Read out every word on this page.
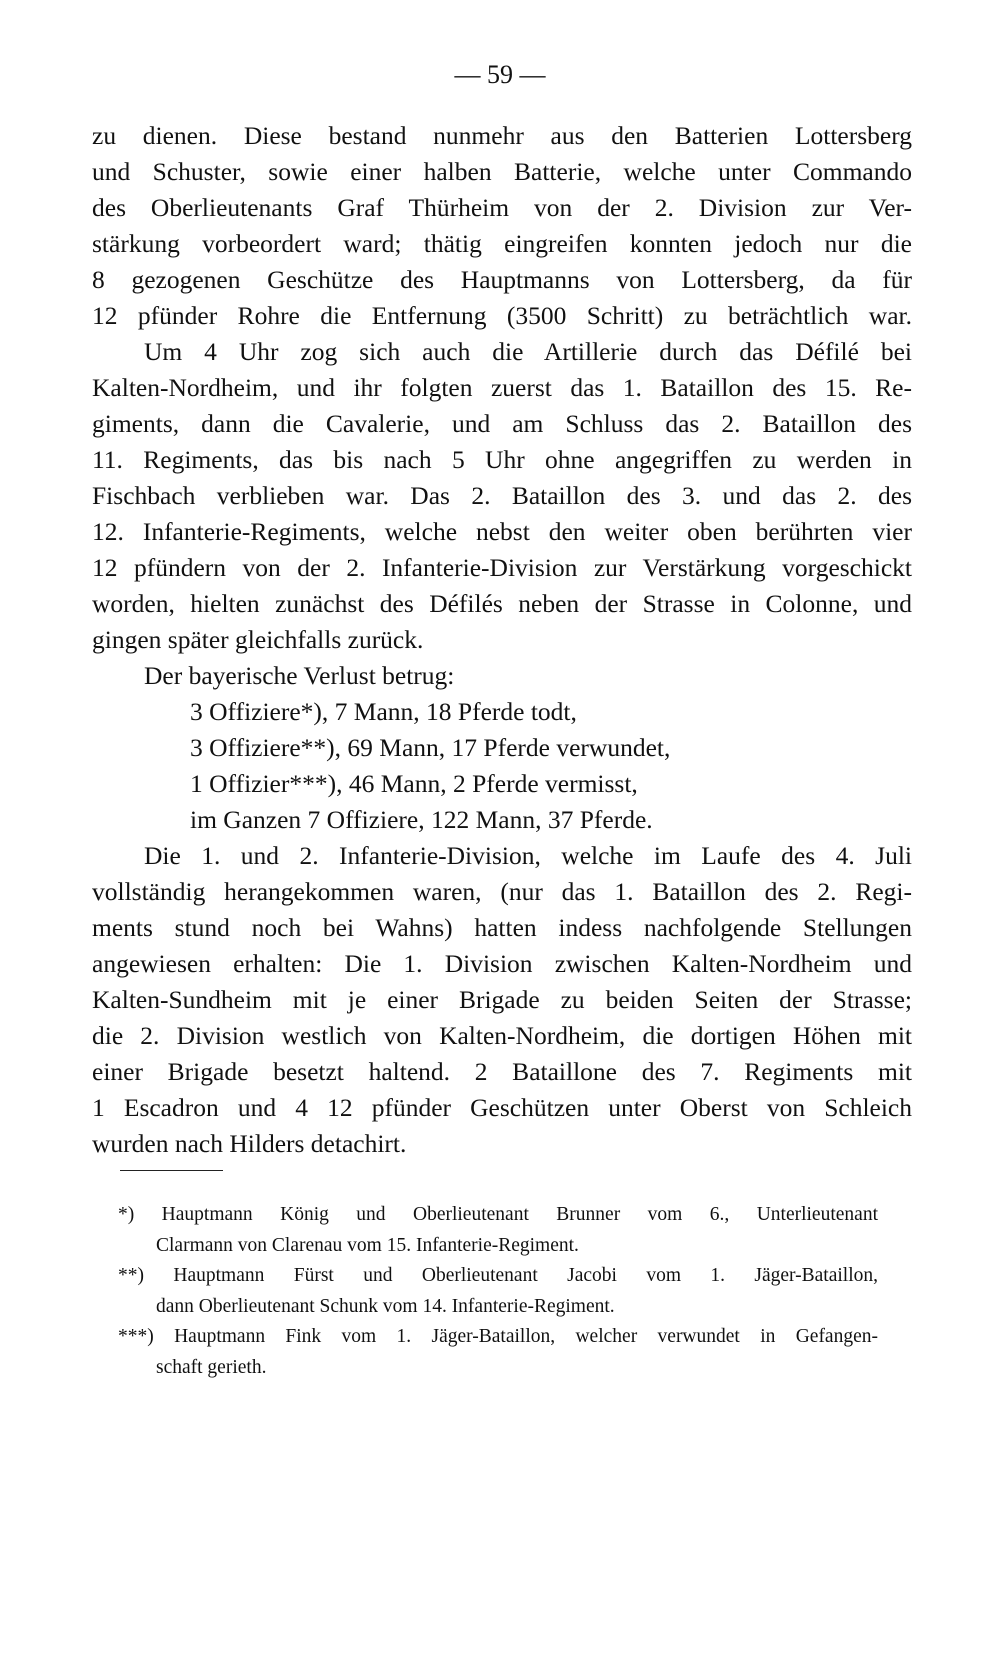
— 59 —
zu dienen. Diese bestand nunmehr aus den Batterien Lottersberg
und Schuster, sowie einer halben Batterie, welche unter Commando
des Oberlieutenants Graf Thürheim von der 2. Division zur Ver-
stärkung vorbeordert ward; thätig eingreifen konnten jedoch nur die
8 gezogenen Geschütze des Hauptmanns von Lottersberg, da für
12 pfünder Rohre die Entfernung (3500 Schritt) zu beträchtlich war.
Um 4 Uhr zog sich auch die Artillerie durch das Défilé bei
Kalten-Nordheim, und ihr folgten zuerst das 1. Bataillon des 15. Re-
giments, dann die Cavalerie, und am Schluss das 2. Bataillon des
11. Regiments, das bis nach 5 Uhr ohne angegriffen zu werden in
Fischbach verblieben war. Das 2. Bataillon des 3. und das 2. des
12. Infanterie-Regiments, welche nebst den weiter oben berührten vier
12 pfündern von der 2. Infanterie-Division zur Verstärkung vorgeschickt
worden, hielten zunächst des Défilés neben der Strasse in Colonne, und
gingen später gleichfalls zurück.
Der bayerische Verlust betrug:
3 Offiziere*), 7 Mann, 18 Pferde todt,
3 Offiziere**), 69 Mann, 17 Pferde verwundet,
1 Offizier***), 46 Mann, 2 Pferde vermisst,
im Ganzen 7 Offiziere, 122 Mann, 37 Pferde.
Die 1. und 2. Infanterie-Division, welche im Laufe des 4. Juli
vollständig herangekommen waren, (nur das 1. Bataillon des 2. Regi-
ments stund noch bei Wahns) hatten indess nachfolgende Stellungen
angewiesen erhalten: Die 1. Division zwischen Kalten-Nordheim und
Kalten-Sundheim mit je einer Brigade zu beiden Seiten der Strasse;
die 2. Division westlich von Kalten-Nordheim, die dortigen Höhen mit
einer Brigade besetzt haltend. 2 Bataillone des 7. Regiments mit
1 Escadron und 4 12 pfünder Geschützen unter Oberst von Schleich
wurden nach Hilders detachirt.
*) Hauptmann König und Oberlieutenant Brunner vom 6., Unterlieutenant
Clarmann von Clarenau vom 15. Infanterie-Regiment.
**) Hauptmann Fürst und Oberlieutenant Jacobi vom 1. Jäger-Bataillon,
dann Oberlieutenant Schunk vom 14. Infanterie-Regiment.
***) Hauptmann Fink vom 1. Jäger-Bataillon, welcher verwundet in Gefangen-
schaft gerieth.
